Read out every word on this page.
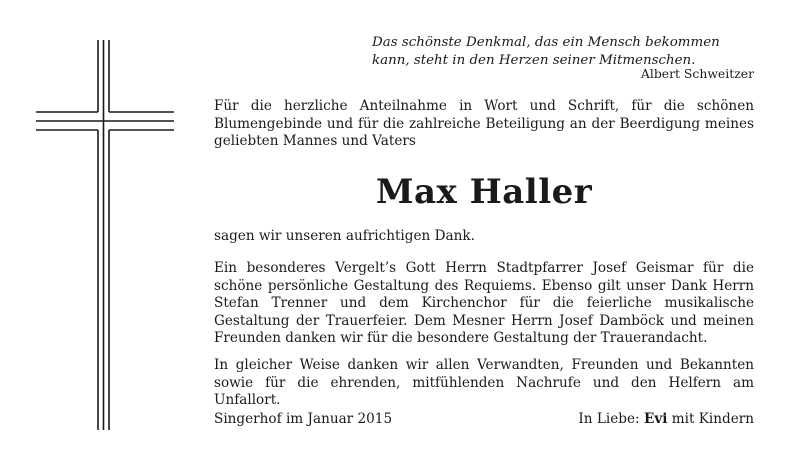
Das schönste Denkmal, das ein Mensch bekommen kann, steht in den Herzen seiner Mitmenschen.
Albert Schweitzer

Für die herzliche Anteilnahme in Wort und Schrift, für die schönen Blumengebinde und für die zahlreiche Beteiligung an der Beerdigung meines geliebten Mannes und Vaters

Max Haller

sagen wir unseren aufrichtigen Dank.

Ein besonderes Vergelt’s Gott Herrn Stadtpfarrer Josef Geismar für die schöne persönliche Gestaltung des Requiems. Ebenso gilt unser Dank Herrn Stefan Trenner und dem Kirchenchor für die feierliche musikalische Gestaltung der Trauerfeier. Dem Mesner Herrn Josef Damböck und meinen Freunden danken wir für die besondere Gestaltung der Trauerandacht.

In gleicher Weise danken wir allen Verwandten, Freunden und Bekannten sowie für die ehrenden, mitfühlenden Nachrufe und den Helfern am Unfallort.

Singerhof im Januar 2015	In Liebe: Evi mit Kindern
